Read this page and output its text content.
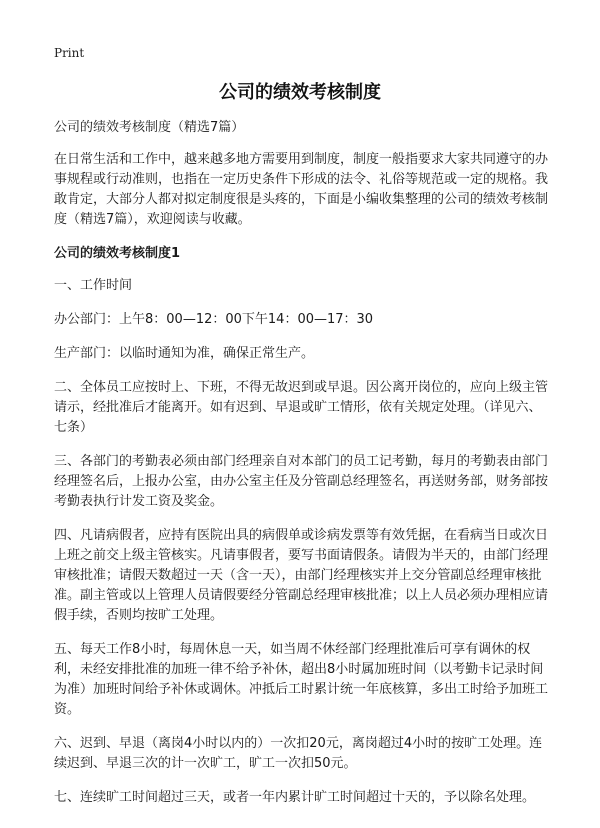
Print
公司的绩效考核制度

公司的绩效考核制度（精选7篇）

在日常生活和工作中，越来越多地方需要用到制度，制度一般指要求大家共同遵守的办事规程或行动准则，也指在一定历史条件下形成的法令、礼俗等规范或一定的规格。我敢肯定，大部分人都对拟定制度很是头疼的，下面是小编收集整理的公司的绩效考核制度（精选7篇），欢迎阅读与收藏。

公司的绩效考核制度1

一、工作时间

办公部门：上午8：00—12：00下午14：00—17：30

生产部门：以临时通知为准，确保正常生产。

二、全体员工应按时上、下班，不得无故迟到或早退。因公离开岗位的，应向上级主管请示，经批准后才能离开。如有迟到、早退或旷工情形，依有关规定处理。（详见六、七条）

三、各部门的考勤表必须由部门经理亲自对本部门的员工记考勤，每月的考勤表由部门经理签名后，上报办公室，由办公室主任及分管副总经理签名，再送财务部，财务部按考勤表执行计发工资及奖金。

四、凡请病假者，应持有医院出具的病假单或诊病发票等有效凭据，在看病当日或次日上班之前交上级主管核实。凡请事假者，要写书面请假条。请假为半天的，由部门经理审核批准；请假天数超过一天（含一天），由部门经理核实并上交分管副总经理审核批准。副主管或以上管理人员请假要经分管副总经理审核批准；以上人员必须办理相应请假手续，否则均按旷工处理。

五、每天工作8小时，每周休息一天，如当周不休经部门经理批准后可享有调休的权利，未经安排批准的加班一律不给予补休，超出8小时属加班时间（以考勤卡记录时间为准）加班时间给予补休或调休。冲抵后工时累计统一年底核算，多出工时给予加班工资。

六、迟到、早退（离岗4小时以内的）一次扣20元，离岗超过4小时的按旷工处理。连续迟到、早退三次的计一次旷工，旷工一次扣50元。

七、连续旷工时间超过三天，或者一年内累计旷工时间超过十天的，予以除名处理。
